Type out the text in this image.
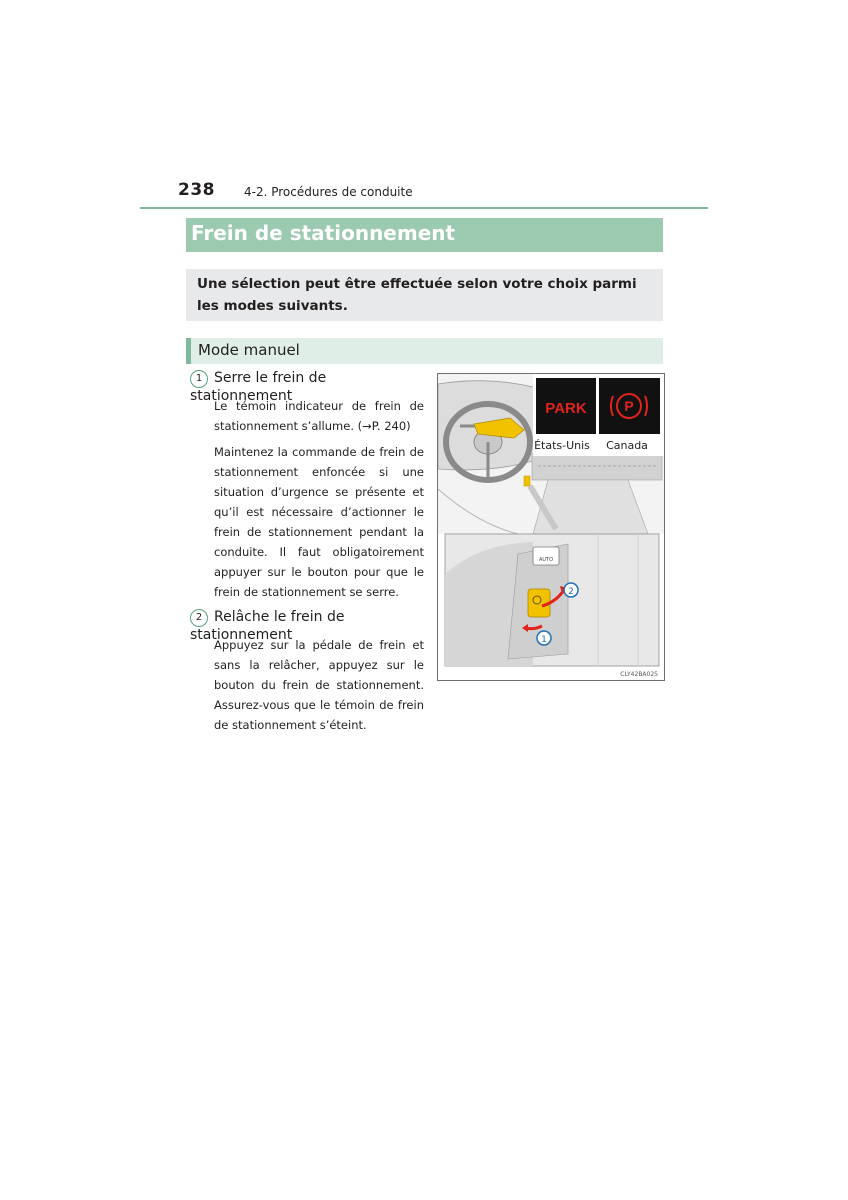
238 4-2. Procédures de conduite
Frein de stationnement

Une sélection peut être effectuée selon votre choix parmi les modes suivants.

Mode manuel
1 Serre le frein de stationnement
Le témoin indicateur de frein de stationnement s’allume. (→P. 240)
Maintenez la commande de frein de stationnement enfoncée si une situation d’urgence se présente et qu’il est nécessaire d’actionner le frein de stationnement pendant la conduite. Il faut obligatoirement appuyer sur le bouton pour que le frein de stationnement se serre.
2 Relâche le frein de stationnement
Appuyez sur la pédale de frein et sans la relâcher, appuyez sur le bouton du frein de stationnement. Assurez-vous que le témoin de frein de stationnement s’éteint.
PARK	P
États-Unis Canada
AUTO
2
1
CLY42BA025
